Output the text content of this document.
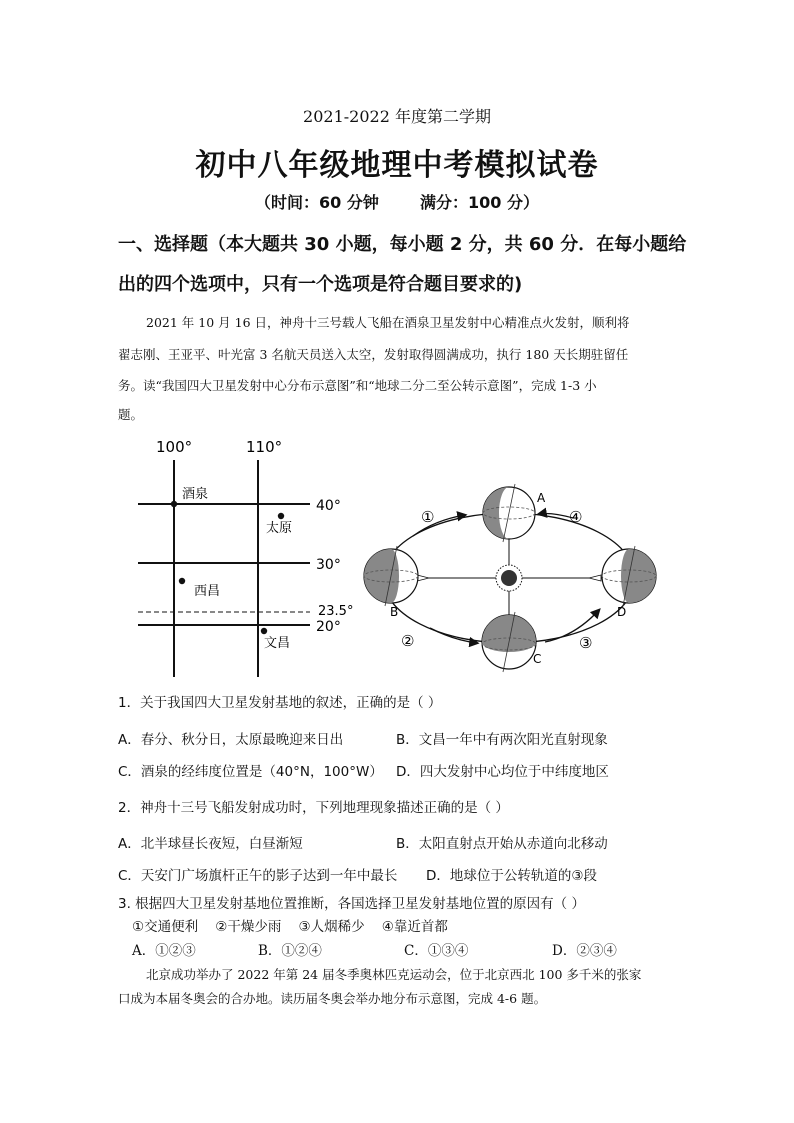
2021-2022 年度第二学期
初中八年级地理中考模拟试卷
（时间：60 分钟	满分：100 分）
一、选择题（本大题共 30 小题，每小题 2 分，共 60 分．在每小题给
出的四个选项中，只有一个选项是符合题目要求的)
2021 年 10 月 16 日，神舟十三号载人飞船在酒泉卫星发射中心精准点火发射，顺利将
翟志刚、王亚平、叶光富 3 名航天员送入太空，发射取得圆满成功，执行 180 天长期驻留任
务。读“我国四大卫星发射中心分布示意图”和“地球二分二至公转示意图”，完成 1-3 小
题。
100°	110°
40°
30°
23.5°
20°
酒泉
太原
西昌
文昌
A
B
C
D
①
②	③
④
1．关于我国四大卫星发射基地的叙述，正确的是（ ）
A．春分、秋分日，太原最晚迎来日出	B．文昌一年中有两次阳光直射现象
C．酒泉的经纬度位置是（40°N，100°W） D．四大发射中心均位于中纬度地区
2．神舟十三号飞船发射成功时，下列地理现象描述正确的是（ ）
A．北半球昼长夜短，白昼渐短	B．太阳直射点开始从赤道向北移动
C．天安门广场旗杆正午的影子达到一年中最长 D．地球位于公转轨道的③段
3. 根据四大卫星发射基地位置推断，各国选择卫星发射基地位置的原因有（ ）
①交通便利    ②干燥少雨    ③人烟稀少    ④靠近首都
A．①②③	B．①②④	C．①③④	D．②③④
北京成功举办了 2022 年第 24 届冬季奥林匹克运动会，位于北京西北 100 多千米的张家
口成为本届冬奥会的合办地。读历届冬奥会举办地分布示意图，完成 4-6 题。
